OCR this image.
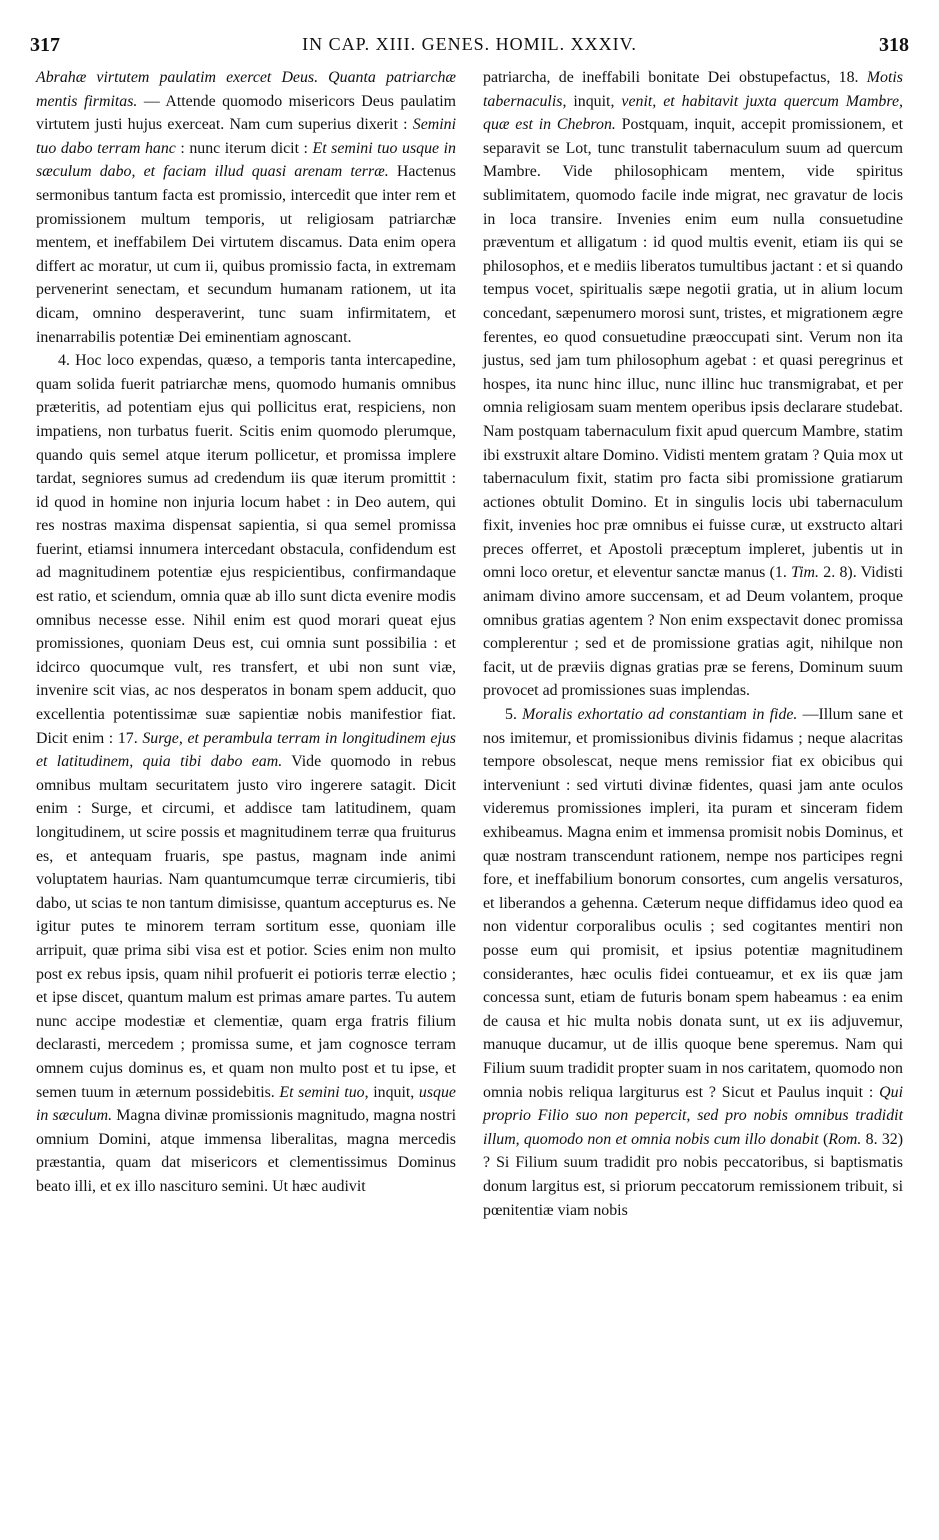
317	IN CAP. XIII. GENES. HOMIL. XXXIV.	318

Abrahæ virtutem paulatim exercet Deus. Quanta patriarchæ mentis firmitas. — Attende quomodo misericors Deus paulatim virtutem justi hujus exerceat. Nam cum superius dixerit : Semini tuo dabo terram hanc : nunc iterum dicit : Et semini tuo usque in sæculum dabo, et faciam illud quasi arenam terræ. Hactenus sermonibus tantum facta est promissio, intercedit que inter rem et promissionem multum temporis, ut religiosam patriarchæ mentem, et ineffabilem Dei virtutem discamus. Data enim opera differt ac moratur, ut cum ii, quibus promissio facta, in extremam pervenerint senectam, et secundum humanam rationem, ut ita dicam, omnino desperaverint, tunc suam infirmitatem, et inenarrabilis potentiæ Dei eminentiam agnoscant.

4. Hoc loco expendas, quæso, a temporis tanta intercapedine, quam solida fuerit patriarchæ mens, quomodo humanis omnibus præteritis, ad potentiam ejus qui pollicitus erat, respiciens, non impatiens, non turbatus fuerit. Scitis enim quomodo plerumque, quando quis semel atque iterum pollicetur, et promissa implere tardat, segniores sumus ad credendum iis quæ iterum promittit : id quod in homine non injuria locum habet : in Deo autem, qui res nostras maxima dispensat sapientia, si qua semel promissa fuerint, etiamsi innumera intercedant obstacula, confidendum est ad magnitudinem potentiæ ejus respicientibus, confirmandaque est ratio, et sciendum, omnia quæ ab illo sunt dicta evenire modis omnibus necesse esse. Nihil enim est quod morari queat ejus promissiones, quoniam Deus est, cui omnia sunt possibilia : et idcirco quocumque vult, res transfert, et ubi non sunt viæ, invenire scit vias, ac nos desperatos in bonam spem adducit, quo excellentia potentissimæ suæ sapientiæ nobis manifestior fiat. Dicit enim : 17. Surge, et perambula terram in longitudinem ejus et latitudinem, quia tibi dabo eam. Vide quomodo in rebus omnibus multam securitatem justo viro ingerere satagit. Dicit enim : Surge, et circumi, et addisce tam latitudinem, quam longitudinem, ut scire possis et magnitudinem terræ qua fruiturus es, et antequam fruaris, spe pastus, magnam inde animi voluptatem haurias. Nam quantumcumque terræ circumieris, tibi dabo, ut scias te non tantum dimisisse, quantum accepturus es. Ne igitur putes te minorem terram sortitum esse, quoniam ille arripuit, quæ prima sibi visa est et potior. Scies enim non multo post ex rebus ipsis, quam nihil profuerit ei potioris terræ electio ; et ipse discet, quantum malum est primas amare partes. Tu autem nunc accipe modestiæ et clementiæ, quam erga fratris filium declarasti, mercedem ; promissa sume, et jam cognosce terram omnem cujus dominus es, et quam non multo post et tu ipse, et semen tuum in æternum possidebitis. Et semini tuo, inquit, usque in sæculum. Magna divinæ promissionis magnitudo, magna nostri omnium Domini, atque immensa liberalitas, magna mercedis præstantia, quam dat misericors et clementissimus Dominus beato illi, et ex illo nascituro semini. Ut hæc audivit

patriarcha, de ineffabili bonitate Dei obstupefactus, 18. Motis tabernaculis, inquit, venit, et habitavit juxta quercum Mambre, quæ est in Chebron. Postquam, inquit, accepit promissionem, et separavit se Lot, tunc transtulit tabernaculum suum ad quercum Mambre. Vide philosophicam mentem, vide spiritus sublimitatem, quomodo facile inde migrat, nec gravatur de locis in loca transire. Invenies enim eum nulla consuetudine præventum et alligatum : id quod multis evenit, etiam iis qui se philosophos, et e mediis liberatos tumultibus jactant : et si quando tempus vocet, spiritualis sæpe negotii gratia, ut in alium locum concedant, sæpenumero morosi sunt, tristes, et migrationem ægre ferentes, eo quod consuetudine præoccupati sint. Verum non ita justus, sed jam tum philosophum agebat : et quasi peregrinus et hospes, ita nunc hinc illuc, nunc illinc huc transmigrabat, et per omnia religiosam suam mentem operibus ipsis declarare studebat. Nam postquam tabernaculum fixit apud quercum Mambre, statim ibi exstruxit altare Domino. Vidisti mentem gratam ? Quia mox ut tabernaculum fixit, statim pro facta sibi promissione gratiarum actiones obtulit Domino. Et in singulis locis ubi tabernaculum fixit, invenies hoc præ omnibus ei fuisse curæ, ut exstructo altari preces offerret, et Apostoli præceptum impleret, jubentis ut in omni loco oretur, et eleventur sanctæ manus (1. Tim. 2. 8). Vidisti animam divino amore succensam, et ad Deum volantem, proque omnibus gratias agentem ? Non enim exspectavit donec promissa complerentur ; sed et de promissione gratias agit, nihilque non facit, ut de præviis dignas gratias præ se ferens, Dominum suum provocet ad promissiones suas implendas.

5. Moralis exhortatio ad constantiam in fide. —Illum sane et nos imitemur, et promissionibus divinis fidamus ; neque alacritas tempore obsolescat, neque mens remissior fiat ex obicibus qui interveniunt : sed virtuti divinæ fidentes, quasi jam ante oculos videremus promissiones impleri, ita puram et sinceram fidem exhibeamus. Magna enim et immensa promisit nobis Dominus, et quæ nostram transcendunt rationem, nempe nos participes regni fore, et ineffabilium bonorum consortes, cum angelis versaturos, et liberandos a gehenna. Cæterum neque diffidamus ideo quod ea non videntur corporalibus oculis ; sed cogitantes mentiri non posse eum qui promisit, et ipsius potentiæ magnitudinem considerantes, hæc oculis fidei contueamur, et ex iis quæ jam concessa sunt, etiam de futuris bonam spem habeamus : ea enim de causa et hic multa nobis donata sunt, ut ex iis adjuvemur, manuque ducamur, ut de illis quoque bene speremus. Nam qui Filium suum tradidit propter suam in nos caritatem, quomodo non omnia nobis reliqua largiturus est ? Sicut et Paulus inquit : Qui proprio Filio suo non pepercit, sed pro nobis omnibus tradidit illum, quomodo non et omnia nobis cum illo donabit (Rom. 8. 32) ? Si Filium suum tradidit pro nobis peccatoribus, si baptismatis donum largitus est, si priorum peccatorum remissionem tribuit, si pœnitentiæ viam nobis
